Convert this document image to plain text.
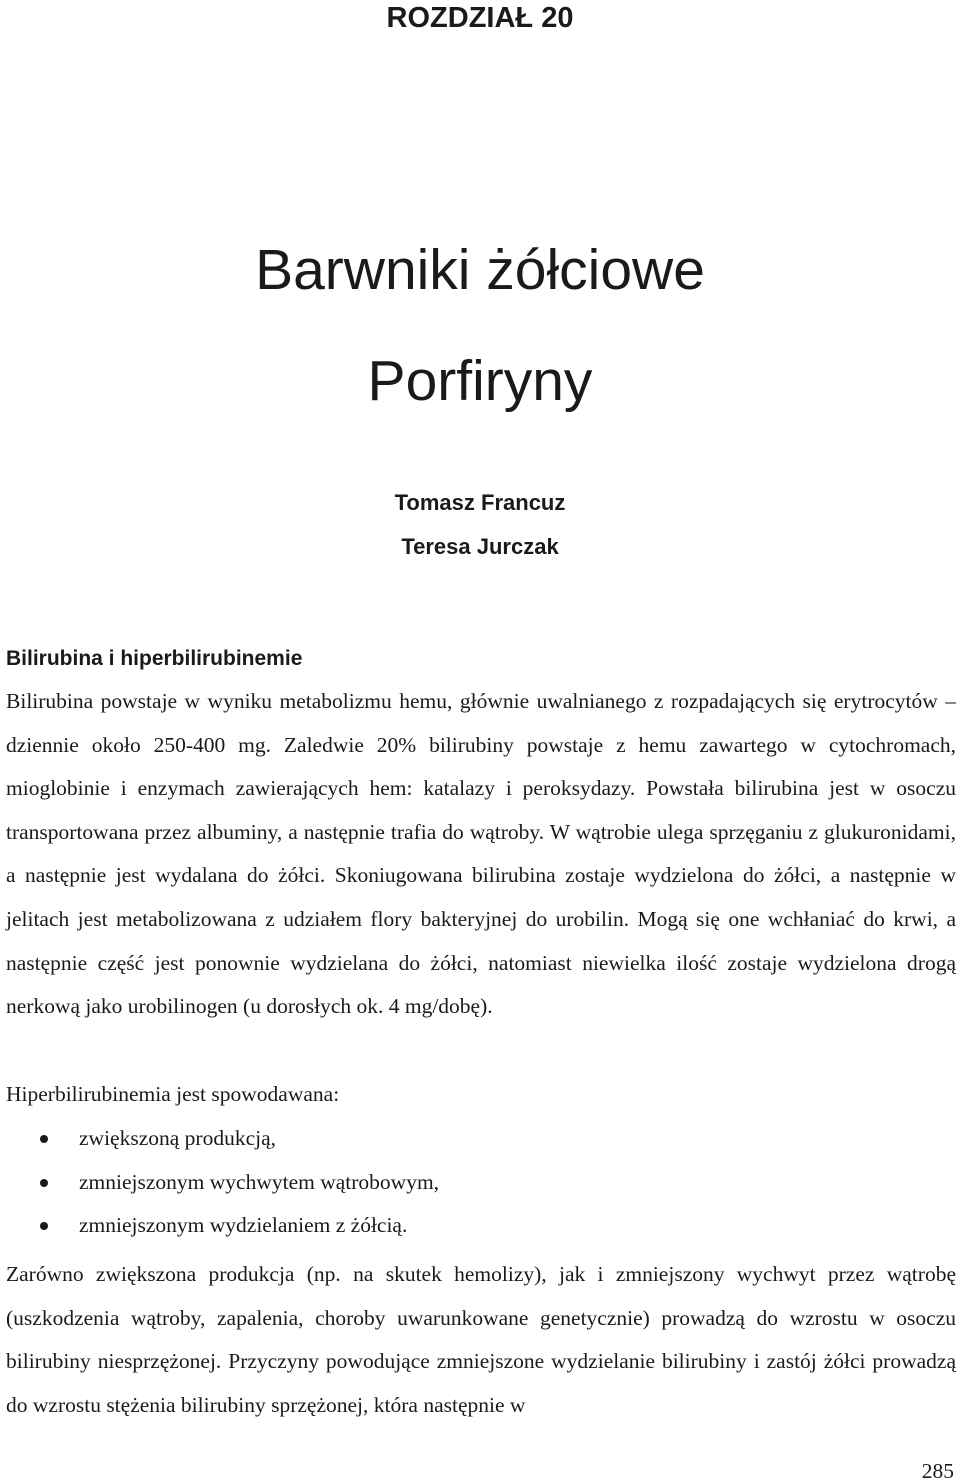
ROZDZIAŁ 20
Barwniki żółciowe
Porfiryny
Tomasz Francuz
Teresa Jurczak
Bilirubina i hiperbilirubinemie
Bilirubina powstaje w wyniku metabolizmu hemu, głównie uwalnianego z rozpadających się erytrocytów – dziennie około 250-400 mg. Zaledwie 20% bilirubiny powstaje z hemu zawartego w cytochromach, mioglobinie i enzymach zawierających hem: katalazy i peroksydazy. Powstała bilirubina jest w osoczu transportowana przez albuminy, a następnie trafia do wątroby. W wątrobie ulega sprzęganiu z glukuronidami, a następnie jest wydalana do żółci. Skoniugowana bilirubina zostaje wydzielona do żółci, a następnie w jelitach jest metabolizowana z udziałem flory bakteryjnej do urobilin. Mogą się one wchłaniać do krwi, a następnie część jest ponownie wydzielana do żółci, natomiast niewielka ilość zostaje wydzielona drogą nerkową jako urobilinogen (u dorosłych ok. 4 mg/dobę).
Hiperbilirubinemia jest spowodawana:
zwiększoną produkcją,
zmniejszonym wychwytem wątrobowym,
zmniejszonym wydzielaniem z żółcią.
Zarówno zwiększona produkcja (np. na skutek hemolizy), jak i zmniejszony wychwyt przez wątrobę (uszkodzenia wątroby, zapalenia, choroby uwarunkowane genetycznie) prowadzą do wzrostu w osoczu bilirubiny niesprzężonej. Przyczyny powodujące zmniejszone wydzielanie bilirubiny i zastój żółci prowadzą do wzrostu stężenia bilirubiny sprzężonej, która następnie w
285
